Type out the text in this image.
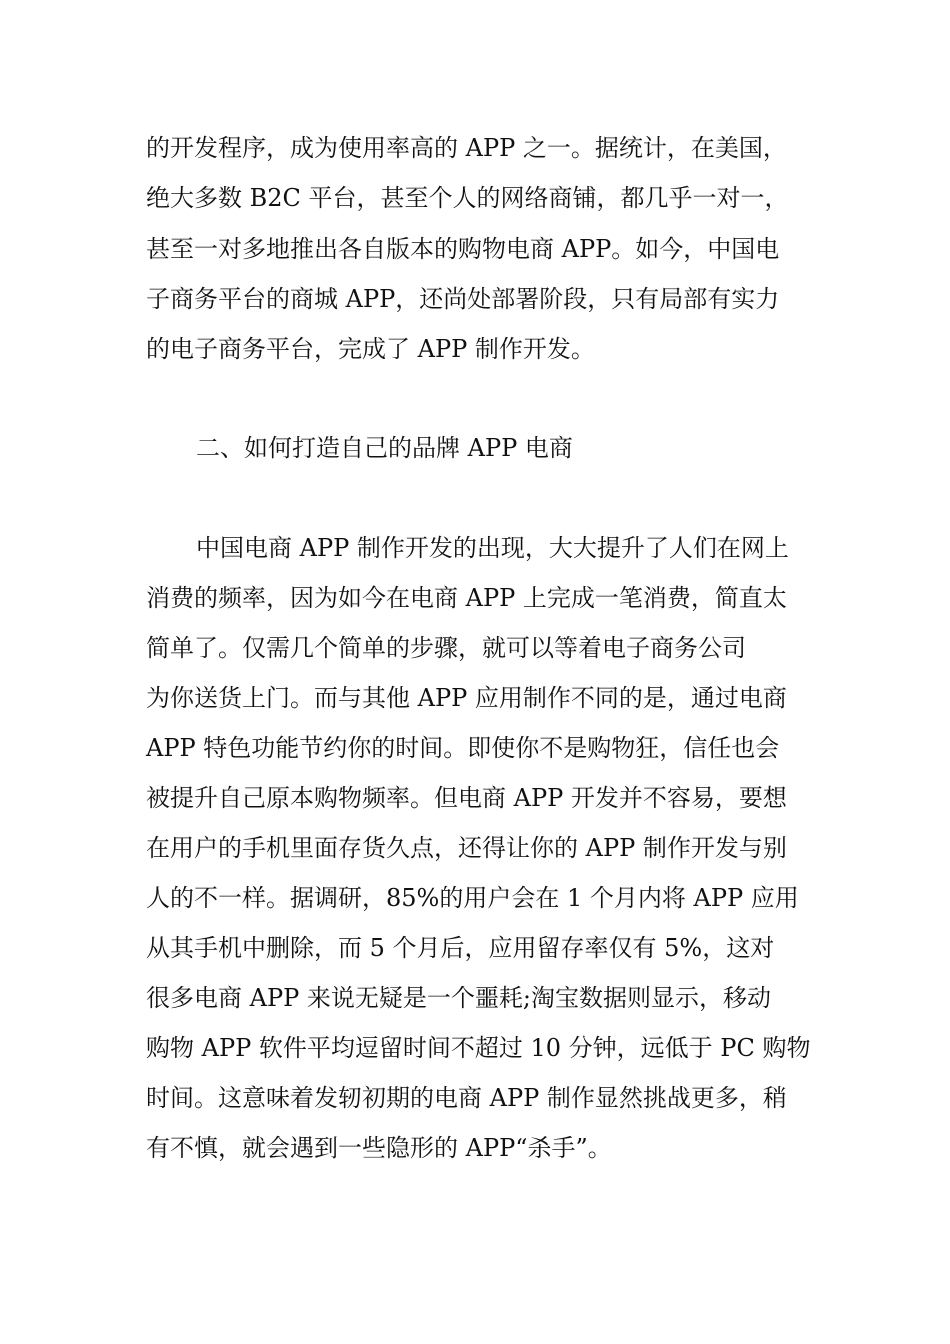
的开发程序，成为使用率高的 APP 之一。据统计，在美国，
绝大多数 B2C 平台，甚至个人的网络商铺，都几乎一对一，
甚至一对多地推出各自版本的购物电商 APP。如今，中国电
子商务平台的商城 APP，还尚处部署阶段，只有局部有实力
的电子商务平台，完成了 APP 制作开发。
二、如何打造自己的品牌 APP 电商
中国电商 APP 制作开发的出现，大大提升了人们在网上
消费的频率，因为如今在电商 APP 上完成一笔消费，简直太
简单了。仅需几个简单的步骤，就可以等着电子商务公司
为你送货上门。而与其他 APP 应用制作不同的是，通过电商
APP 特色功能节约你的时间。即使你不是购物狂，信任也会
被提升自己原本购物频率。但电商 APP 开发并不容易，要想
在用户的手机里面存货久点，还得让你的 APP 制作开发与别
人的不一样。据调研，85%的用户会在 1 个月内将 APP 应用
从其手机中删除，而 5 个月后，应用留存率仅有 5%，这对
很多电商 APP 来说无疑是一个噩耗;淘宝数据则显示，移动
购物 APP 软件平均逗留时间不超过 10 分钟，远低于 PC 购物
时间。这意味着发轫初期的电商 APP 制作显然挑战更多，稍
有不慎，就会遇到一些隐形的 APP“杀手”。
